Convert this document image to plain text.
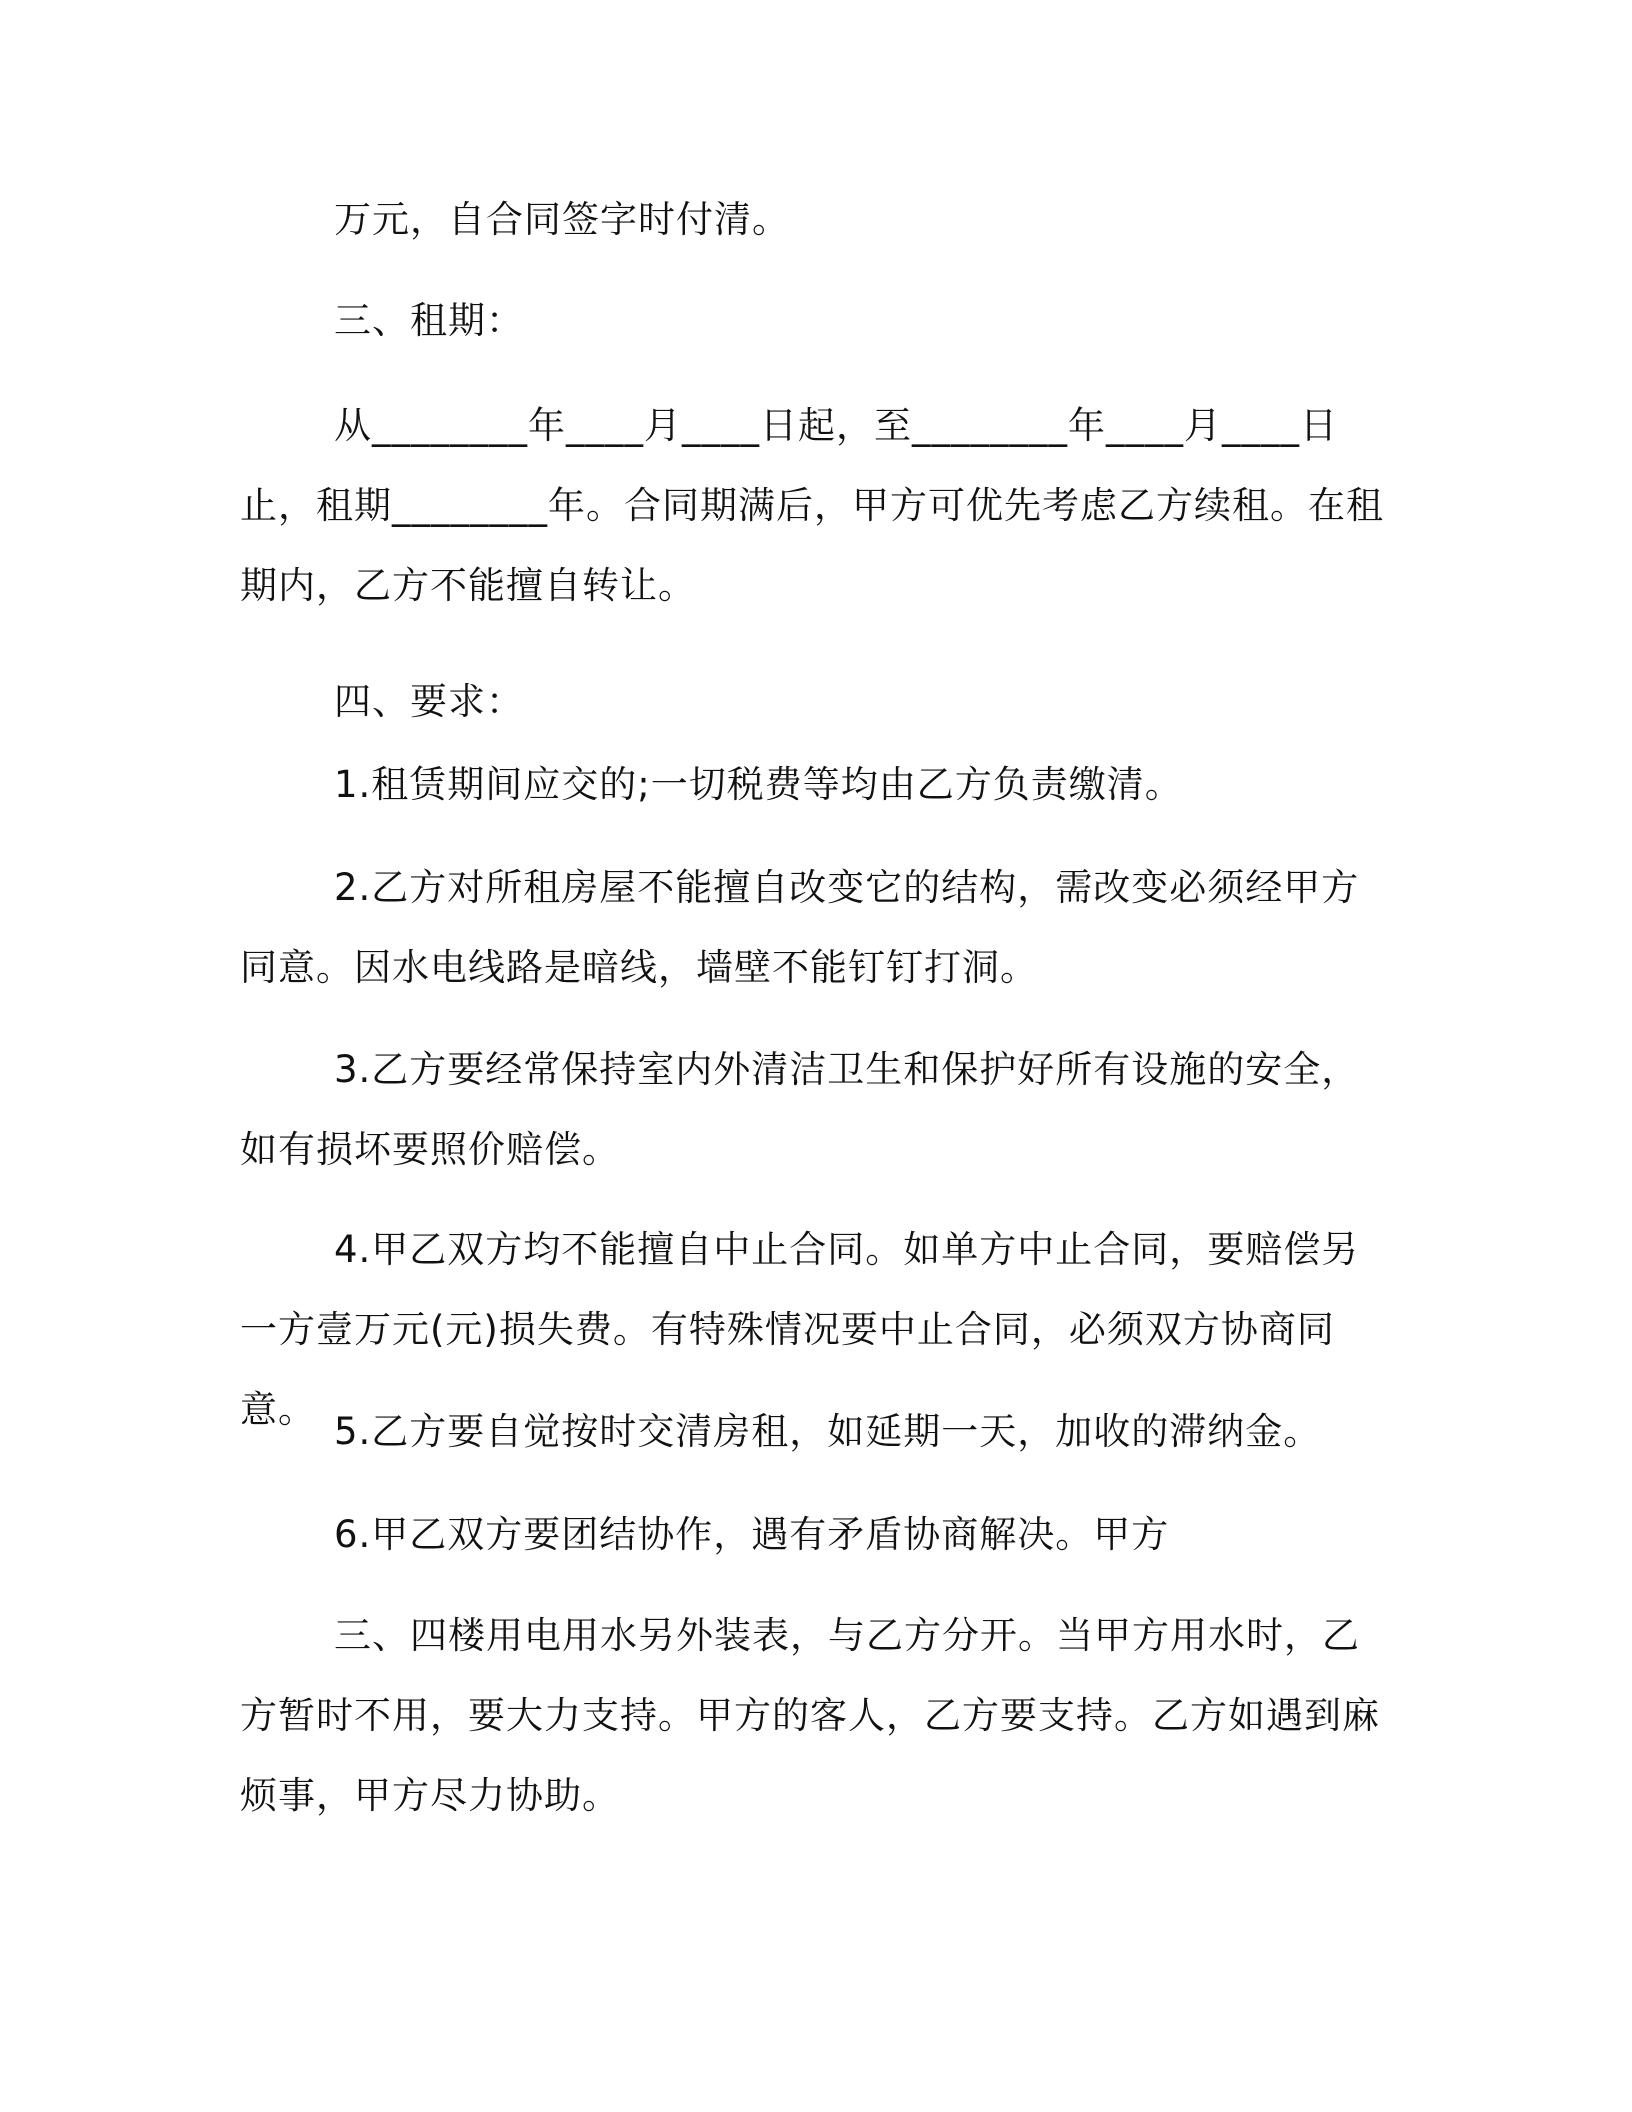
万元，自合同签字时付清。

三、租期：

从________年____月____日起，至________年____月____日止，租期________年。合同期满后，甲方可优先考虑乙方续租。在租期内，乙方不能擅自转让。

四、要求：

1.租赁期间应交的;一切税费等均由乙方负责缴清。

2.乙方对所租房屋不能擅自改变它的结构，需改变必须经甲方同意。因水电线路是暗线，墙壁不能钉钉打洞。

3.乙方要经常保持室内外清洁卫生和保护好所有设施的安全，如有损坏要照价赔偿。

4.甲乙双方均不能擅自中止合同。如单方中止合同，要赔偿另一方壹万元(元)损失费。有特殊情况要中止合同，必须双方协商同意。

5.乙方要自觉按时交清房租，如延期一天，加收的滞纳金。

6.甲乙双方要团结协作，遇有矛盾协商解决。甲方

三、四楼用电用水另外装表，与乙方分开。当甲方用水时，乙方暂时不用，要大力支持。甲方的客人，乙方要支持。乙方如遇到麻烦事，甲方尽力协助。
